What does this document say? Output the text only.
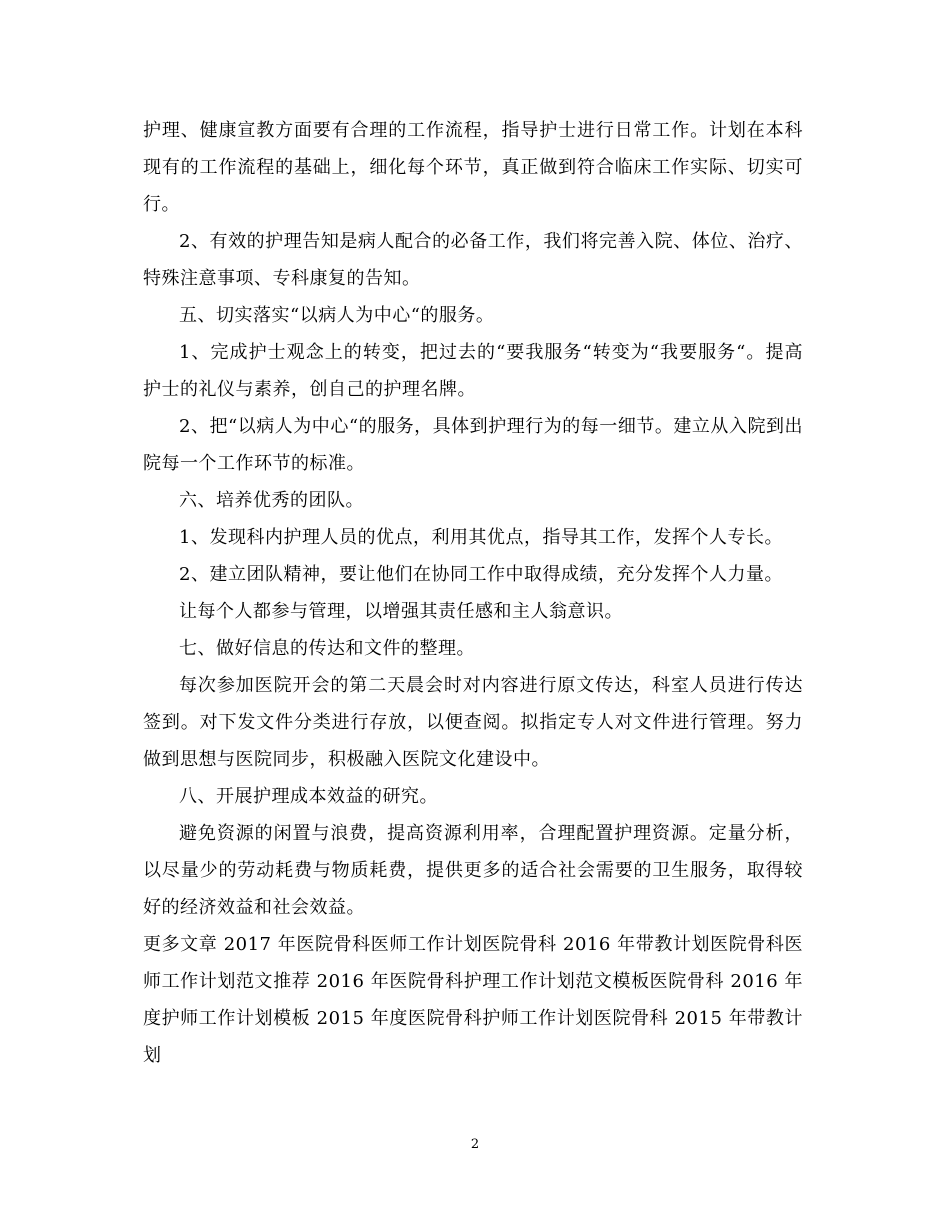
护理、健康宣教方面要有合理的工作流程，指导护士进行日常工作。计划在本科现有的工作流程的基础上，细化每个环节，真正做到符合临床工作实际、切实可行。

2、有效的护理告知是病人配合的必备工作，我们将完善入院、体位、治疗、特殊注意事项、专科康复的告知。

五、切实落实“以病人为中心“的服务。

1、完成护士观念上的转变，把过去的“要我服务“转变为“我要服务“。提高护士的礼仪与素养，创自己的护理名牌。

2、把“以病人为中心“的服务，具体到护理行为的每一细节。建立从入院到出院每一个工作环节的标准。

六、培养优秀的团队。

1、发现科内护理人员的优点，利用其优点，指导其工作，发挥个人专长。

2、建立团队精神，要让他们在协同工作中取得成绩，充分发挥个人力量。

让每个人都参与管理，以增强其责任感和主人翁意识。

七、做好信息的传达和文件的整理。

每次参加医院开会的第二天晨会时对内容进行原文传达，科室人员进行传达签到。对下发文件分类进行存放，以便查阅。拟指定专人对文件进行管理。努力做到思想与医院同步，积极融入医院文化建设中。

八、开展护理成本效益的研究。

避免资源的闲置与浪费，提高资源利用率，合理配置护理资源。定量分析，以尽量少的劳动耗费与物质耗费，提供更多的适合社会需要的卫生服务，取得较好的经济效益和社会效益。

更多文章 2017 年医院骨科医师工作计划医院骨科 2016 年带教计划医院骨科医师工作计划范文推荐 2016 年医院骨科护理工作计划范文模板医院骨科 2016 年度护师工作计划模板 2015 年度医院骨科护师工作计划医院骨科 2015 年带教计划

2
